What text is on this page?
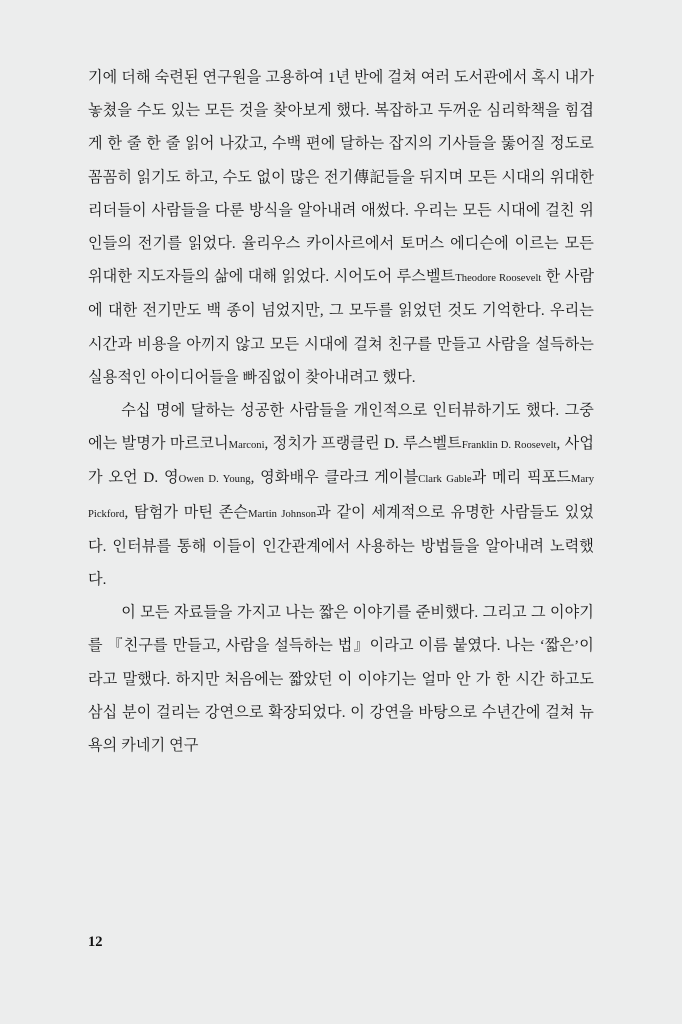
기에 더해 숙련된 연구원을 고용하여 1년 반에 걸쳐 여러 도서관에서 혹시 내가 놓쳤을 수도 있는 모든 것을 찾아보게 했다. 복잡하고 두꺼운 심리학책을 힘겹게 한 줄 한 줄 읽어 나갔고, 수백 편에 달하는 잡지의 기사들을 뚫어질 정도로 꼼꼼히 읽기도 하고, 수도 없이 많은 전기傳記들을 뒤지며 모든 시대의 위대한 리더들이 사람들을 다룬 방식을 알아내려 애썼다. 우리는 모든 시대에 걸친 위인들의 전기를 읽었다. 율리우스 카이사르에서 토머스 에디슨에 이르는 모든 위대한 지도자들의 삶에 대해 읽었다. 시어도어 루스벨트Theodore Roosevelt 한 사람에 대한 전기만도 백 종이 넘었지만, 그 모두를 읽었던 것도 기억한다. 우리는 시간과 비용을 아끼지 않고 모든 시대에 걸쳐 친구를 만들고 사람을 설득하는 실용적인 아이디어들을 빠짐없이 찾아내려고 했다.

수십 명에 달하는 성공한 사람들을 개인적으로 인터뷰하기도 했다. 그중에는 발명가 마르코니Marconi, 정치가 프랭클린 D. 루스벨트Franklin D. Roosevelt, 사업가 오언 D. 영Owen D. Young, 영화배우 클라크 게이블Clark Gable과 메리 픽포드Mary Pickford, 탐험가 마틴 존슨Martin Johnson과 같이 세계적으로 유명한 사람들도 있었다. 인터뷰를 통해 이들이 인간관계에서 사용하는 방법들을 알아내려 노력했다.

이 모든 자료들을 가지고 나는 짧은 이야기를 준비했다. 그리고 그 이야기를 『친구를 만들고, 사람을 설득하는 법』이라고 이름 붙였다. 나는 ‘짧은’이라고 말했다. 하지만 처음에는 짧았던 이 이야기는 얼마 안 가 한 시간 하고도 삼십 분이 걸리는 강연으로 확장되었다. 이 강연을 바탕으로 수년간에 걸쳐 뉴욕의 카네기 연구

12
